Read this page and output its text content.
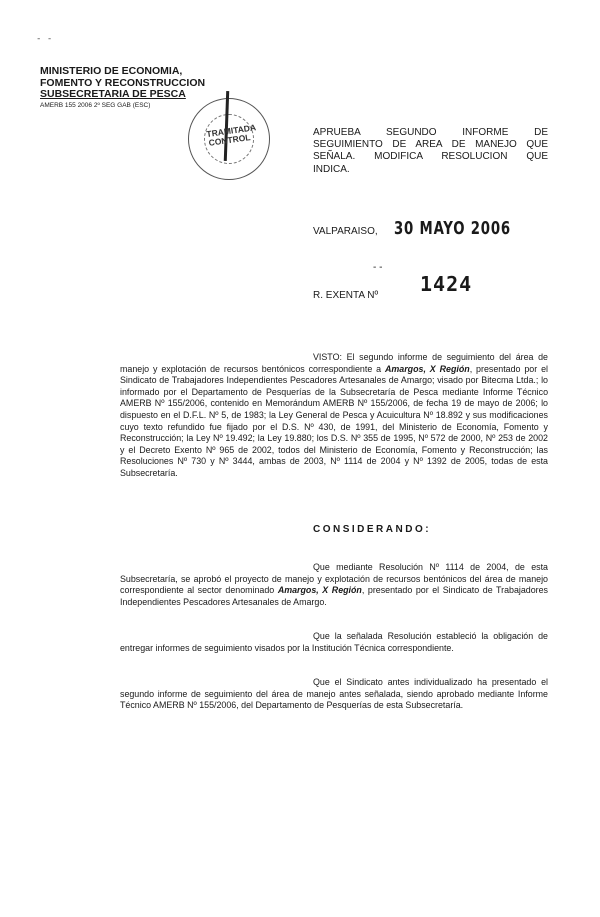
- -
MINISTERIO DE ECONOMIA,
FOMENTO Y RECONSTRUCCION
SUBSECRETARIA DE PESCA
AMERB 155 2006 2º SEG GAB (ESC)
TRAMITADA CONTROL	APRUEBA SEGUNDO INFORME DE SEGUIMIENTO DE AREA DE MANEJO QUE SEÑALA. MODIFICA RESOLUCION QUE INDICA.
VALPARAISO, 30 MAYO 2006
- -
R. EXENTA Nº 1424
VISTO: El segundo informe de seguimiento del área de manejo y explotación de recursos bentónicos correspondiente a Amargos, X Región, presentado por el Sindicato de Trabajadores Independientes Pescadores Artesanales de Amargo; visado por Bitecma Ltda.; lo informado por el Departamento de Pesquerías de la Subsecretaría de Pesca mediante Informe Técnico AMERB Nº 155/2006, contenido en Memorándum AMERB Nº 155/2006, de fecha 19 de mayo de 2006; lo dispuesto en el D.F.L. Nº 5, de 1983; la Ley General de Pesca y Acuicultura Nº 18.892 y sus modificaciones cuyo texto refundido fue fijado por el D.S. Nº 430, de 1991, del Ministerio de Economía, Fomento y Reconstrucción; la Ley Nº 19.492; la Ley 19.880; los D.S. Nº 355 de 1995, Nº 572 de 2000, Nº 253 de 2002 y el Decreto Exento Nº 965 de 2002, todos del Ministerio de Economía, Fomento y Reconstrucción; las Resoluciones Nº 730 y Nº 3444, ambas de 2003, Nº 1114 de 2004 y Nº 1392 de 2005, todas de esta Subsecretaría.
CONSIDERANDO:
Que mediante Resolución Nº 1114 de 2004, de esta Subsecretaría, se aprobó el proyecto de manejo y explotación de recursos bentónicos del área de manejo correspondiente al sector denominado Amargos, X Región, presentado por el Sindicato de Trabajadores Independientes Pescadores Artesanales de Amargo.
Que la señalada Resolución estableció la obligación de entregar informes de seguimiento visados por la Institución Técnica correspondiente.
Que el Sindicato antes individualizado ha presentado el segundo informe de seguimiento del área de manejo antes señalada, siendo aprobado mediante Informe Técnico AMERB Nº 155/2006, del Departamento de Pesquerías de esta Subsecretaría.
